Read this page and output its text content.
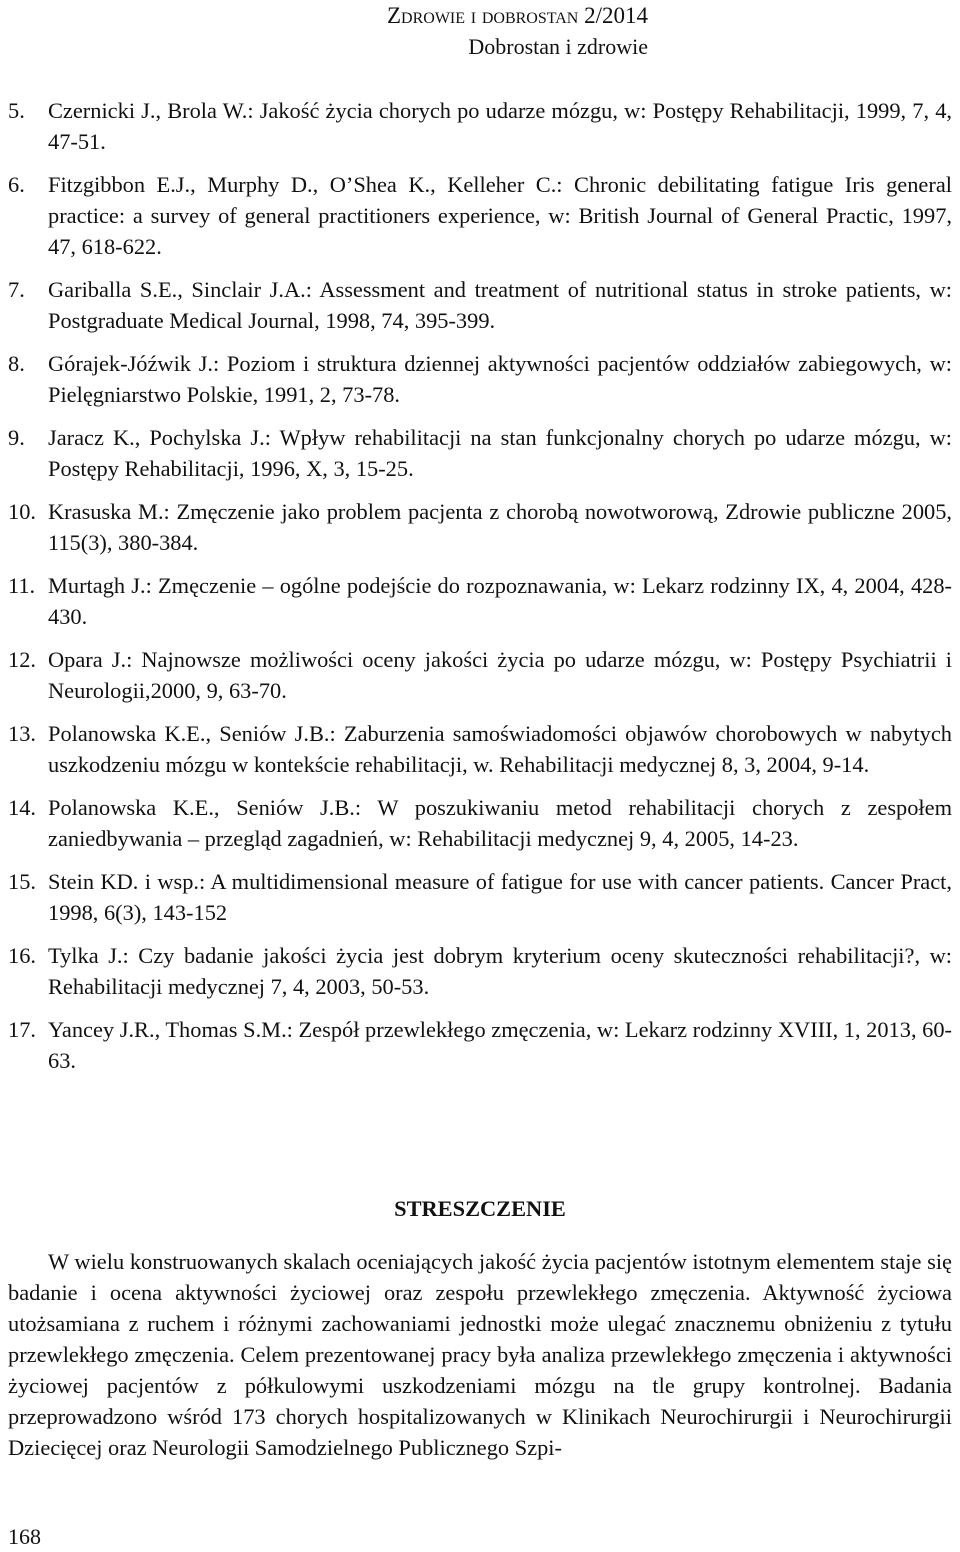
Zdrowie i dobrostan 2/2014
Dobrostan i zdrowie
5. Czernicki J., Brola W.: Jakość życia chorych po udarze mózgu, w: Postępy Rehabilitacji, 1999, 7, 4, 47-51.
6. Fitzgibbon E.J., Murphy D., O’Shea K., Kelleher C.: Chronic debilitating fatigue Iris general practice: a survey of general practitioners experience, w: British Journal of General Practic, 1997, 47, 618-622.
7. Gariballa S.E., Sinclair J.A.: Assessment and treatment of nutritional status in stroke patients, w: Postgraduate Medical Journal, 1998, 74, 395-399.
8. Górajek-Jóźwik J.: Poziom i struktura dziennej aktywności pacjentów oddziałów zabiegowych, w: Pielęgniarstwo Polskie, 1991, 2, 73-78.
9. Jaracz K., Pochylska J.: Wpływ rehabilitacji na stan funkcjonalny chorych po udarze mózgu, w: Postępy Rehabilitacji, 1996, X, 3, 15-25.
10. Krasuska M.: Zmęczenie jako problem pacjenta z chorobą nowotworową, Zdrowie publiczne 2005, 115(3), 380-384.
11. Murtagh J.: Zmęczenie – ogólne podejście do rozpoznawania, w: Lekarz rodzinny IX, 4, 2004, 428-430.
12. Opara J.: Najnowsze możliwości oceny jakości życia po udarze mózgu, w: Postępy Psychiatrii i Neurologii,2000, 9, 63-70.
13. Polanowska K.E., Seniów J.B.: Zaburzenia samoświadomości objawów chorobowych w nabytych uszkodzeniu mózgu w kontekście rehabilitacji, w. Rehabilitacji medycznej 8, 3, 2004, 9-14.
14. Polanowska K.E., Seniów J.B.: W poszukiwaniu metod rehabilitacji chorych z zespołem zaniedbywania – przegląd zagadnień, w: Rehabilitacji medycznej 9, 4, 2005, 14-23.
15. Stein KD. i wsp.: A multidimensional measure of fatigue for use with cancer patients. Cancer Pract, 1998, 6(3), 143-152
16. Tylka J.: Czy badanie jakości życia jest dobrym kryterium oceny skuteczności rehabilitacji?, w: Rehabilitacji medycznej 7, 4, 2003, 50-53.
17. Yancey J.R., Thomas S.M.: Zespół przewlekłego zmęczenia, w: Lekarz rodzinny XVIII, 1, 2013, 60-63.
STRESZCZENIE

W wielu konstruowanych skalach oceniających jakość życia pacjentów istotnym elementem staje się badanie i ocena aktywności życiowej oraz zespołu przewlekłego zmęczenia. Aktywność życiowa utożsamiana z ruchem i różnymi zachowaniami jednostki może ulegać znacznemu obniżeniu z tytułu przewlekłego zmęczenia. Celem prezentowanej pracy była analiza przewlekłego zmęczenia i aktywności życiowej pacjentów z półkulowymi uszkodzeniami mózgu na tle grupy kontrolnej. Badania przeprowadzono wśród 173 chorych hospitalizowanych w Klinikach Neurochirurgii i Neurochirurgii Dziecięcej oraz Neurologii Samodzielnego Publicznego Szpi-

168
